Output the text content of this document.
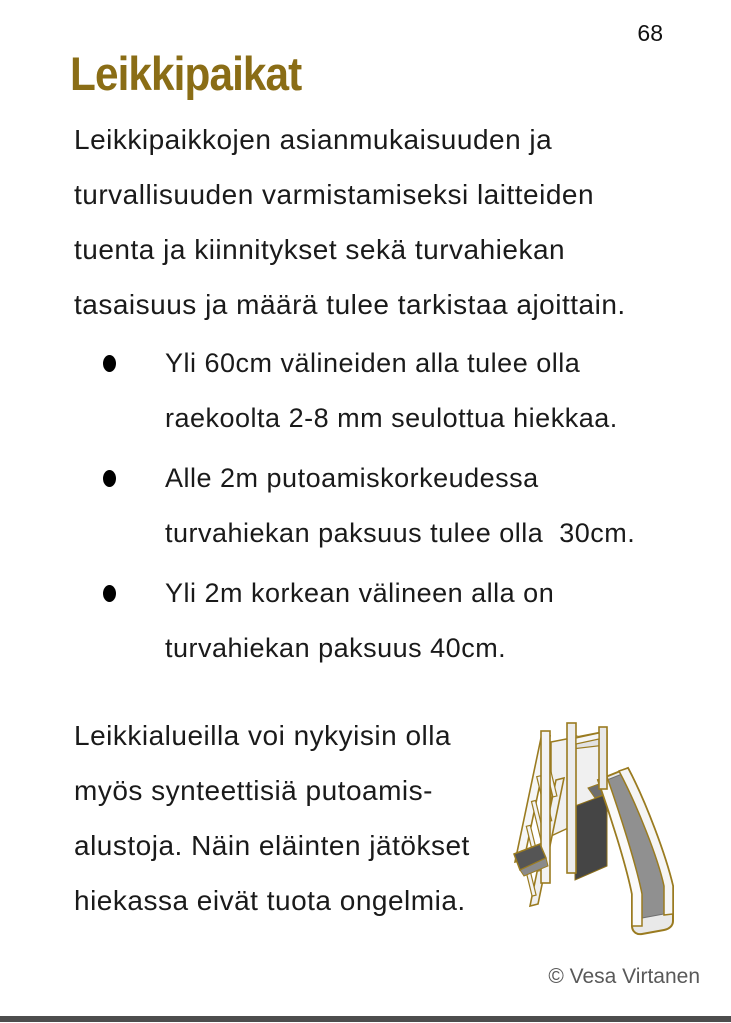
68
Leikkipaikat
Leikkipaikkojen asianmukaisuuden ja
turvallisuuden varmistamiseksi laitteiden
tuenta ja kiinnitykset sekä turvahiekan
tasaisuus ja määrä tulee tarkistaa ajoittain.
Yli 60cm välineiden alla tulee olla
raekoolta 2-8 mm seulottua hiekkaa.
Alle 2m putoamiskorkeudessa
turvahiekan paksuus tulee olla  30cm.
Yli 2m korkean välineen alla on
turvahiekan paksuus 40cm.
Leikkialueilla voi nykyisin olla
myös synteettisiä putoamis-
alustoja. Näin eläinten jätökset
hiekassa eivät tuota ongelmia.
© Vesa Virtanen
